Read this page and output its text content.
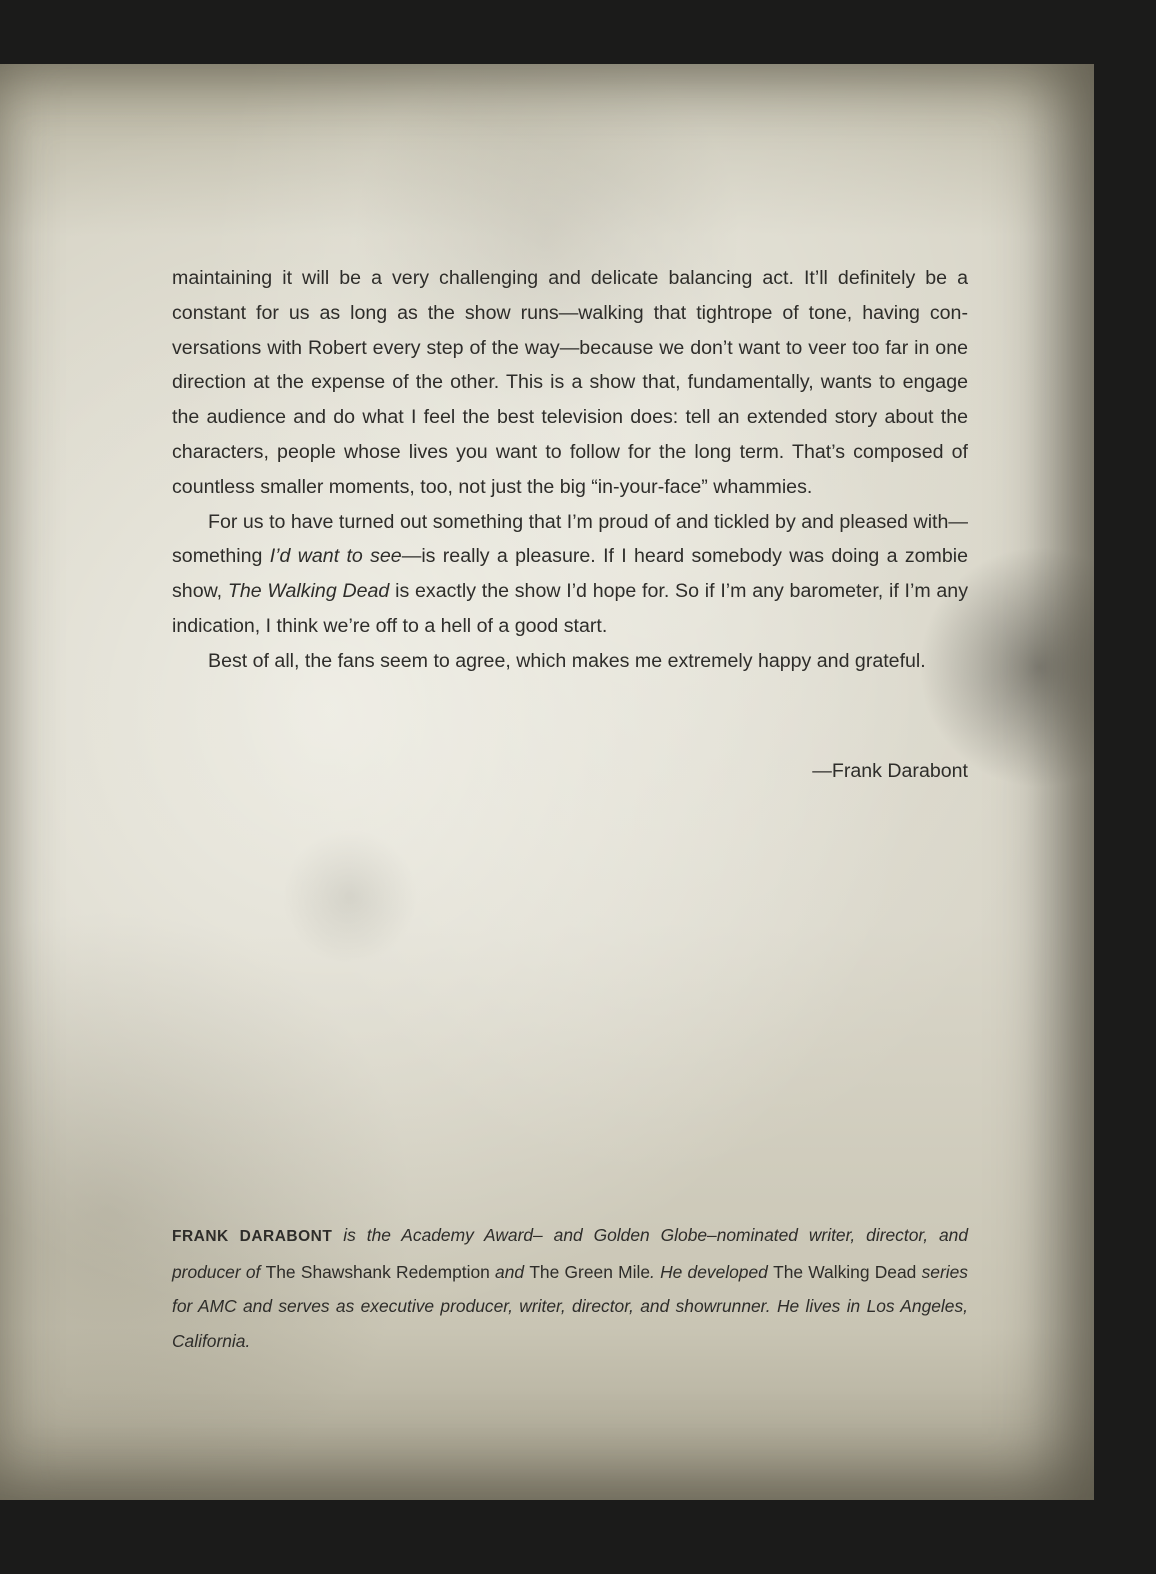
maintaining it will be a very challenging and delicate balancing act. It’ll definitely be a constant for us as long as the show runs—walking that tightrope of tone, having conversations with Robert every step of the way—because we don’t want to veer too far in one direction at the expense of the other. This is a show that, fundamentally, wants to engage the audience and do what I feel the best television does: tell an extended story about the characters, people whose lives you want to follow for the long term. That’s composed of countless smaller moments, too, not just the big “in-your-face” whammies.

For us to have turned out something that I’m proud of and tickled by and pleased with—something I’d want to see—is really a pleasure. If I heard somebody was doing a zombie show, The Walking Dead is exactly the show I’d hope for. So if I’m any barometer, if I’m any indication, I think we’re off to a hell of a good start.

Best of all, the fans seem to agree, which makes me extremely happy and grateful.

—Frank Darabont
FRANK DARABONT is the Academy Award– and Golden Globe–nominated writer, director, and producer of The Shawshank Redemption and The Green Mile. He developed The Walking Dead series for AMC and serves as executive producer, writer, director, and showrunner. He lives in Los Angeles, California.
